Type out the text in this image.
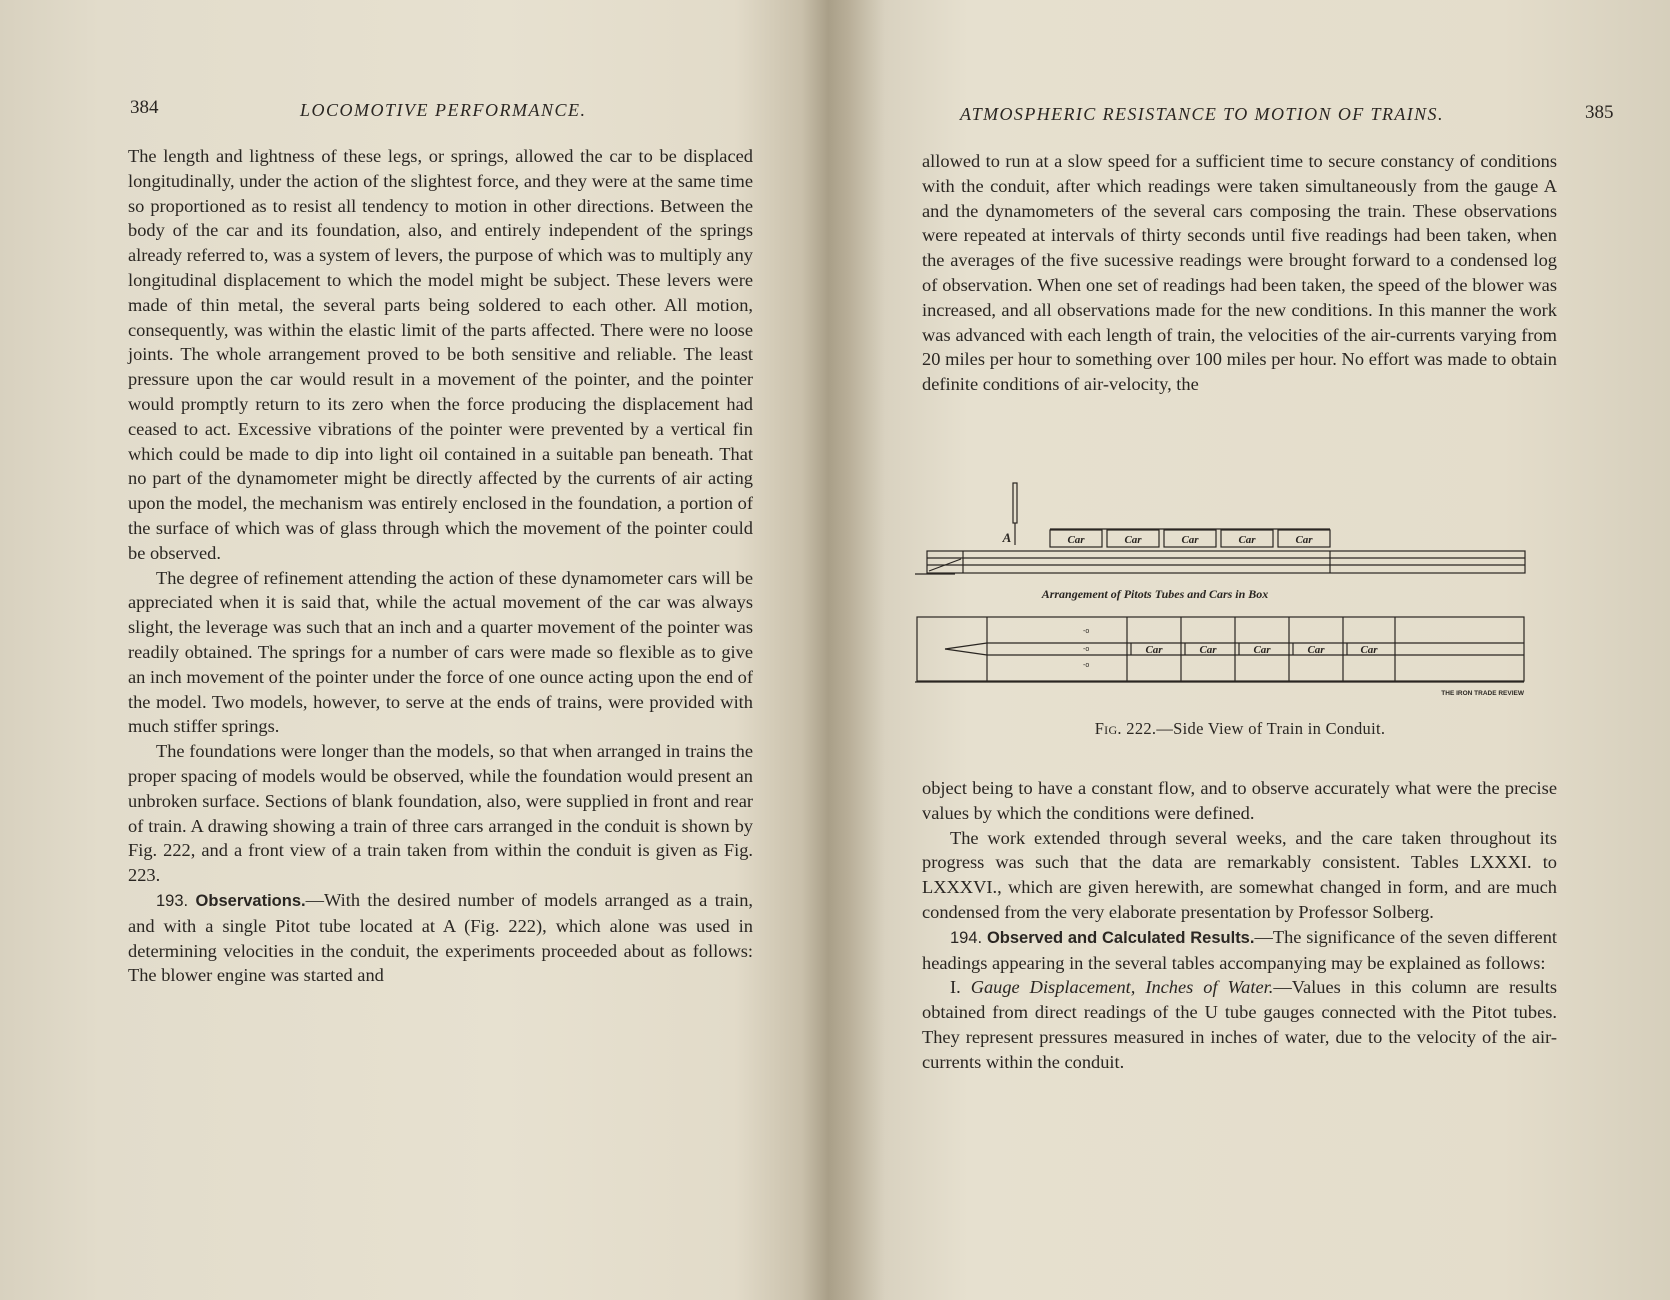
384	LOCOMOTIVE PERFORMANCE.

The length and lightness of these legs, or springs, allowed the car to be displaced longitudinally, under the action of the slightest force, and they were at the same time so proportioned as to resist all tendency to motion in other directions. Between the body of the car and its foundation, also, and entirely independent of the springs already referred to, was a system of levers, the purpose of which was to multiply any longitudinal displacement to which the model might be subject. These levers were made of thin metal, the several parts being soldered to each other. All motion, consequently, was within the elastic limit of the parts affected. There were no loose joints. The whole arrangement proved to be both sensitive and reliable. The least pressure upon the car would result in a movement of the pointer, and the pointer would promptly return to its zero when the force producing the displacement had ceased to act. Excessive vibrations of the pointer were prevented by a vertical fin which could be made to dip into light oil contained in a suitable pan beneath. That no part of the dynamometer might be directly affected by the currents of air acting upon the model, the mechanism was entirely enclosed in the foundation, a portion of the surface of which was of glass through which the movement of the pointer could be observed.

The degree of refinement attending the action of these dynamometer cars will be appreciated when it is said that, while the actual movement of the car was always slight, the leverage was such that an inch and a quarter movement of the pointer was readily obtained. The springs for a number of cars were made so flexible as to give an inch movement of the pointer under the force of one ounce acting upon the end of the model. Two models, however, to serve at the ends of trains, were provided with much stiffer springs.

The foundations were longer than the models, so that when arranged in trains the proper spacing of models would be observed, while the foundation would present an unbroken surface. Sections of blank foundation, also, were supplied in front and rear of train. A drawing showing a train of three cars arranged in the conduit is shown by Fig. 222, and a front view of a train taken from within the conduit is given as Fig. 223.

193. Observations.—With the desired number of models arranged as a train, and with a single Pitot tube located at A (Fig. 222), which alone was used in determining velocities in the conduit, the experiments proceeded about as follows: The blower engine was started and

ATMOSPHERIC RESISTANCE TO MOTION OF TRAINS.	385

allowed to run at a slow speed for a sufficient time to secure constancy of conditions with the conduit, after which readings were taken simultaneously from the gauge A and the dynamometers of the several cars composing the train. These observations were repeated at intervals of thirty seconds until five readings had been taken, when the averages of the five sucessive readings were brought forward to a condensed log of observation. When one set of readings had been taken, the speed of the blower was increased, and all observations made for the new conditions. In this manner the work was advanced with each length of train, the velocities of the air-currents varying from 20 miles per hour to something over 100 miles per hour. No effort was made to obtain definite conditions of air-velocity, the

-o
-o
-o
A	Car	Car	Car	Car	Car
Arrangement of Pitots Tubes and Cars in Box
Car	Car	Car	Car	Car
THE IRON TRADE REVIEW
Fig. 222.—Side View of Train in Conduit.

object being to have a constant flow, and to observe accurately what were the precise values by which the conditions were defined.

The work extended through several weeks, and the care taken throughout its progress was such that the data are remarkably consistent. Tables LXXXI. to LXXXVI., which are given herewith, are somewhat changed in form, and are much condensed from the very elaborate presentation by Professor Solberg.

194. Observed and Calculated Results.—The significance of the seven different headings appearing in the several tables accompanying may be explained as follows:

I. Gauge Displacement, Inches of Water.—Values in this column are results obtained from direct readings of the U tube gauges connected with the Pitot tubes. They represent pressures measured in inches of water, due to the velocity of the air-currents within the conduit.
